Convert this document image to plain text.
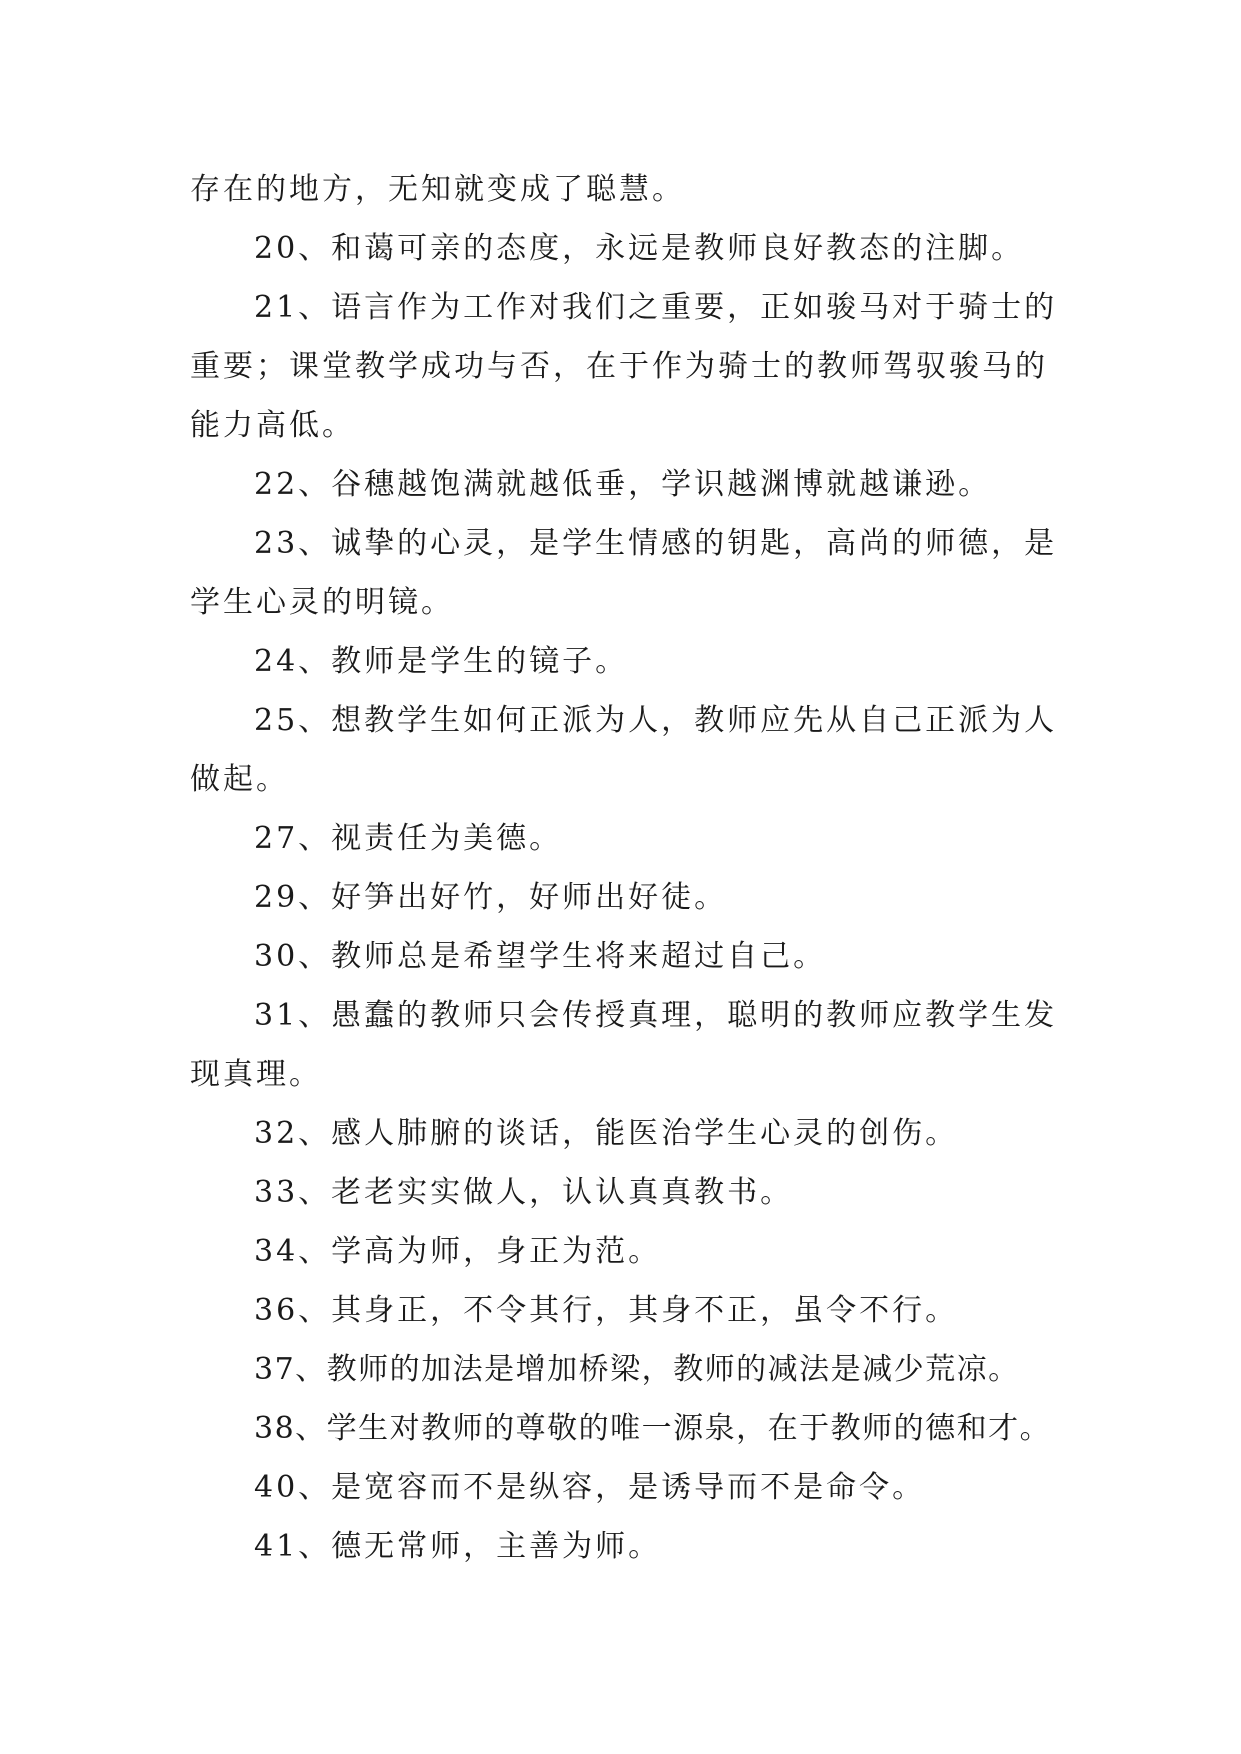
存在的地方，无知就变成了聪慧。
20、和蔼可亲的态度，永远是教师良好教态的注脚。
21、语言作为工作对我们之重要，正如骏马对于骑士的
重要；课堂教学成功与否，在于作为骑士的教师驾驭骏马的
能力高低。
22、谷穗越饱满就越低垂，学识越渊博就越谦逊。
23、诚挚的心灵，是学生情感的钥匙，高尚的师德，是
学生心灵的明镜。
24、教师是学生的镜子。
25、想教学生如何正派为人，教师应先从自己正派为人
做起。
27、视责任为美德。
29、好笋出好竹，好师出好徒。
30、教师总是希望学生将来超过自己。
31、愚蠢的教师只会传授真理，聪明的教师应教学生发
现真理。
32、感人肺腑的谈话，能医治学生心灵的创伤。
33、老老实实做人，认认真真教书。
34、学高为师，身正为范。
36、其身正，不令其行，其身不正，虽令不行。
37、教师的加法是增加桥梁，教师的减法是减少荒凉。
38、学生对教师的尊敬的唯一源泉，在于教师的德和才。
40、是宽容而不是纵容，是诱导而不是命令。
41、德无常师，主善为师。
